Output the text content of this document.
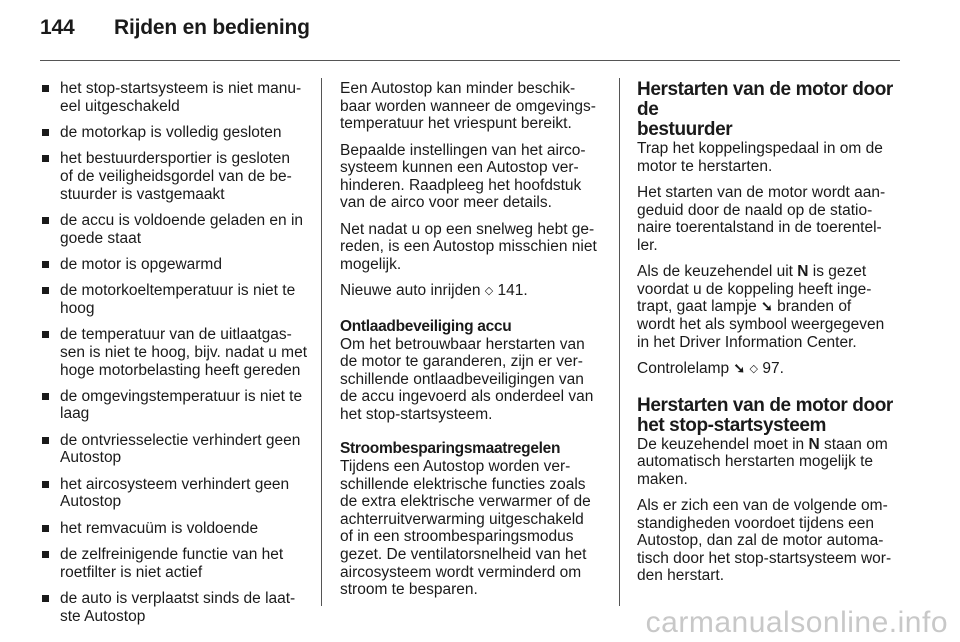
144 Rijden en bediening
het stop-startsysteem is niet manu-
eel uitgeschakeld
de motorkap is volledig gesloten
het bestuurdersportier is gesloten
of de veiligheidsgordel van de be-
stuurder is vastgemaakt
de accu is voldoende geladen en in
goede staat
de motor is opgewarmd
de motorkoeltemperatuur is niet te
hoog
de temperatuur van de uitlaatgas-
sen is niet te hoog, bijv. nadat u met
hoge motorbelasting heeft gereden
de omgevingstemperatuur is niet te
laag
de ontvriesselectie verhindert geen
Autostop
het aircosysteem verhindert geen
Autostop
het remvacuüm is voldoende
de zelfreinigende functie van het
roetfilter is niet actief
de auto is verplaatst sinds de laat-
ste Autostop

Een Autostop kan minder beschik-
baar worden wanneer de omgevings-
temperatuur het vriespunt bereikt.

Bepaalde instellingen van het airco-
systeem kunnen een Autostop ver-
hinderen. Raadpleeg het hoofdstuk
van de airco voor meer details.

Net nadat u op een snelweg hebt ge-
reden, is een Autostop misschien niet
mogelijk.

Nieuwe auto inrijden ◇ 141.

Ontlaadbeveiliging accu

Om het betrouwbaar herstarten van
de motor te garanderen, zijn er ver-
schillende ontlaadbeveiligingen van
de accu ingevoerd als onderdeel van
het stop-startsysteem.

Stroombesparingsmaatregelen

Tijdens een Autostop worden ver-
schillende elektrische functies zoals
de extra elektrische verwarmer of de
achterruitverwarming uitgeschakeld
of in een stroombesparingsmodus
gezet. De ventilatorsnelheid van het
aircosysteem wordt verminderd om
stroom te besparen.

Herstarten van de motor door de
bestuurder

Trap het koppelingspedaal in om de
motor te herstarten.

Het starten van de motor wordt aan-
geduid door de naald op de statio-
naire toerentalstand in de toerentel-
ler.

Als de keuzehendel uit N is gezet
voordat u de koppeling heeft inge-
trapt, gaat lampje ➘ branden of
wordt het als symbool weergegeven
in het Driver Information Center.

Controlelamp ➘ ◇ 97.

Herstarten van de motor door
het stop-startsysteem

De keuzehendel moet in N staan om
automatisch herstarten mogelijk te
maken.

Als er zich een van de volgende om-
standigheden voordoet tijdens een
Autostop, dan zal de motor automa-
tisch door het stop-startsysteem wor-
den herstart.

carmanualsonline.info
